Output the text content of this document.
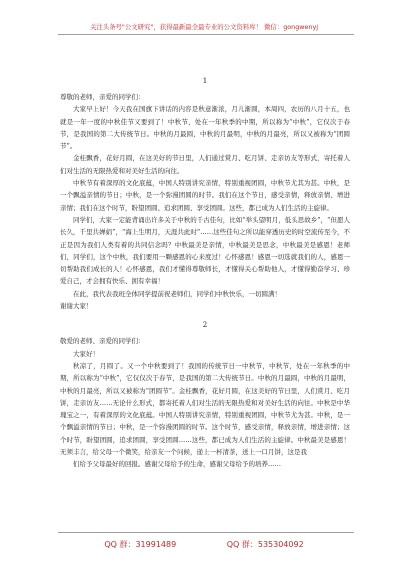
关注头条号"公文研究"，获得最新最全最专业的公文资料库！ 微信：gongwenyj
1

尊敬的老师，亲爱的同学们：

大家早上好！今天我在国旗下讲话的内容是秋意渐浓，月儿渐圆，本周四，农历的八月十五，也就是一年一度的中秋佳节又要到了！中秋节，处在一年秋季的中期，所以称为“中秋”，它仅次于春节，是我国的第二大传统节日。中秋的月最圆，中秋的月最明，中秋的月最亮，所以又被称为“团圆节”。

金桂飘香，花好月圆，在这美好的节日里，人们通过赏月、吃月饼、走亲访友等形式，寄托着人们对生活的无限热爱和对美好生活的向往。

中秋节有着深厚的文化底蕴，中国人特别讲究亲情，特别重视团圆，中秋节尤其为甚。中秋，是一个飘溢亲情的节日；中秋，是一个弥漫团圆的时节。我们在这个节日，感受亲情，释放亲情、增进亲情；我们在这个时节，盼望团圆、追求团圆、享受团圆。这些，都已成为人们生活的主旋律。

同学们，大家一定能背诵出许多关于中秋的千古佳句，比如“举头望明月，低头思故乡”，“但愿人长久，千里共婵娟”，“海上生明月，天涯共此时”……这些佳句之所以能穿透历史的时空流传至今，不正是因为我们人类有着的共同信念吗？中秋最美是亲情，中秋最美是思念，中秋最美是感恩！老师们，同学们，这个中秋，我们要用一颗感恩的心来度过！心怀感恩！感恩一切选就我们的人，感恩一切帮助我们成长的人！心怀感恩，我们才懂得尊敬师长，才懂得关心帮助他人，才懂得勤奋学习、珍爱自己，才会拥有快乐、拥有幸福！

在此，我代表我班全体同学提前祝老师们，同学们中秋快乐，一切圆满！

谢谢大家！

2

敬爱的老师、亲爱的同学们：

大家好！

秋凉了，月圆了。又一个中秋要到了！我国的传统节日一中秋节，中秋节，处在一年秋季的中期，所以称为“中秋”，它仅仅次于春节，是我国的第二大传统节日。中秋的月最圆，中秋的月最明，中秋的月最亮，所以又被称为“团圆节”。金桂飘香，花好月圆，在这美好的节日里，人们赏月、吃月饼，走亲访友……无论什么形式，都寄托着人们对生活的无限热爱和对美好生活的向往。中秋是中华瑰宝之一，有着深厚的文化底蕴。中国人特别讲究亲情，特别重视团圆，中秋节尤为甚。中秋，是一个飘溢亲情的节日；中秋，是一个弥漫团圆的时节。这个时节，感受亲情，释放亲情，增进亲情；这个时节，盼望团圆，追求团圆，享受团圆……这些，都已成为人们生活的主旋律。中秋最美是感恩！无须丰言，给父母一个微笑，给亲友一个问候，递上一杯清茶，送上一口月饼，这是我

们给予父母最好的回报。感谢父母给予的生命，感谢父母给予的培养……

QQ 群：31991489	QQ 群：535304092
